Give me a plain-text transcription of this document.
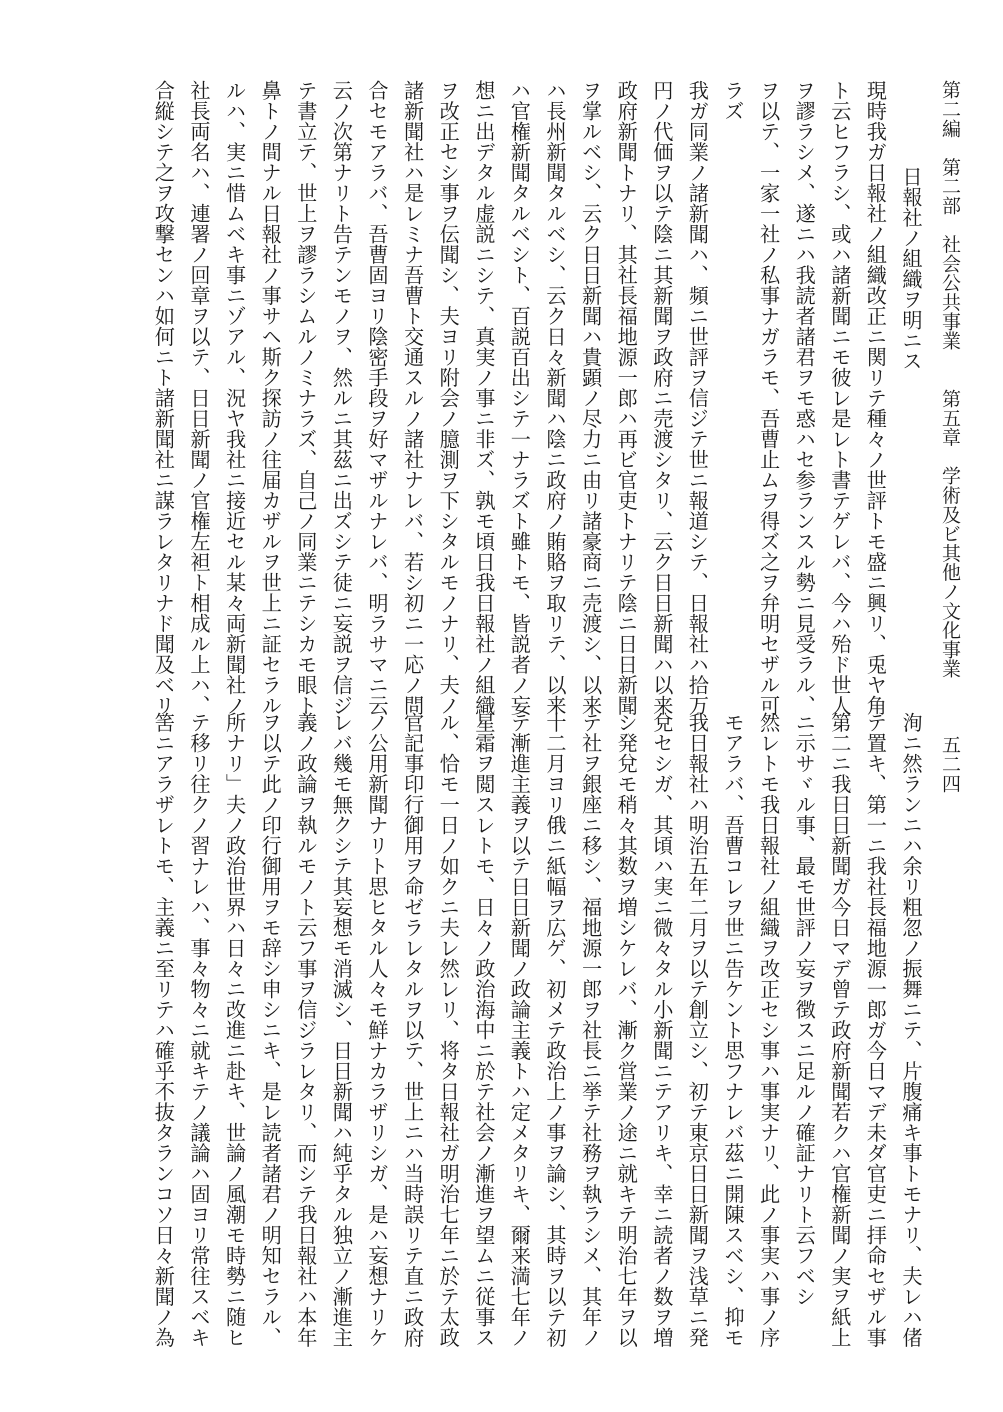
第二編　第二部　社会公共事業　　第五章　学術及ビ其他ノ文化事業
五二四
日報社ノ組織ヲ明ニス
現時我ガ日報社ノ組織改正ニ関リテ種々ノ世評トモ盛ニ興リ、兎ヤ角
ト云ヒフラシ、或ハ諸新聞ニモ彼レ是レト書テゲレバ、今ハ殆ド世人
ヲ謬ラシメ、遂ニハ我読者諸君ヲモ惑ハセ参ランスル勢ニ見受ラル、
ヲ以テ、一家一社ノ私事ナガラモ、吾曹止ムヲ得ズ之ヲ弁明セザル可
ラズ
我ガ同業ノ諸新聞ハ、頻ニ世評ヲ信ジテ世ニ報道シテ、日報社ハ拾万
円ノ代価ヲ以テ陰ニ其新聞ヲ政府ニ売渡シタリ、云ク日日新聞ハ以来
政府新聞トナリ、其社長福地源一郎ハ再ビ官吏トナリテ陰ニ日日新聞
ヲ掌ルベシ、云ク日日新聞ハ貴顕ノ尽力ニ由リ諸豪商ニ売渡シ、以来
ハ長州新聞タルベシ、云ク日々新聞ハ陰ニ政府ノ賄賂ヲ取リテ、以来
ハ官権新聞タルベシト、百説百出シテ一ナラズト雖トモ、皆説者ノ妄
想ニ出デタル虚説ニシテ、真実ノ事ニ非ズ、孰モ頃日我日報社ノ組織
ヲ改正セシ事ヲ伝聞シ、夫ヨリ附会ノ臆測ヲ下シタルモノナリ、夫ノ
諸新聞社ハ是レミナ吾曹ト交通スルノ諸社ナレバ、若シ初ニ一応ノ問
合セモアラバ、吾曹固ヨリ陰密手段ヲ好マザルナレバ、明ラサマニ云
云ノ次第ナリト告テンモノヲ、然ルニ其茲ニ出ズシテ徒ニ妄説ヲ信ジ
テ書立テ、世上ヲ謬ラシムルノミナラズ、自己ノ同業ニテシカモ眼ト
鼻トノ間ナル日報社ノ事サヘ斯ク探訪ノ往届カザルヲ世上ニ証セラル
ルハ、実ニ惜ムベキ事ニゾアル、況ヤ我社ニ接近セル某々両新聞社ノ
社長両名ハ、連署ノ回章ヲ以テ、日日新聞ノ官権左袒ト相成ル上ハ、
合縦シテ之ヲ攻撃センハ如何ニト諸新聞社ニ謀ラレタリナド聞及ベリ
洵ニ然ランニハ余リ粗忽ノ振舞ニテ、片腹痛キ事トモナリ、夫レハ偖
テ置キ、第一ニ我社長福地源一郎ガ今日マデ未ダ官吏ニ拝命セザル事
第二ニ我日日新聞ガ今日マデ曾テ政府新聞若クハ官権新聞ノ実ヲ紙上
ニ示サヾル事、最モ世評ノ妄ヲ徴スニ足ルノ確証ナリト云フベシ
然レトモ我日報社ノ組織ヲ改正セシ事ハ事実ナリ、此ノ事実ハ事ノ序
モアラバ、吾曹コレヲ世ニ告ケント思フナレバ茲ニ開陳スベシ、抑モ
我日報社ハ明治五年二月ヲ以テ創立シ、初テ東京日日新聞ヲ浅草ニ発
兌セシガ、其頃ハ実ニ微々タル小新聞ニテアリキ、幸ニ読者ノ数ヲ増
シ発兌モ稍々其数ヲ増シケレバ、漸ク営業ノ途ニ就キテ明治七年ヲ以
テ社ヲ銀座ニ移シ、福地源一郎ヲ社長ニ挙テ社務ヲ執ラシメ、其年ノ
十二月ヨリ俄ニ紙幅ヲ広ゲ、初メテ政治上ノ事ヲ論シ、其時ヲ以テ初
テ漸進主義ヲ以テ日日新聞ノ政論主義トハ定メタリキ、爾来満七年ノ
星霜ヲ閲スレトモ、日々ノ政治海中ニ於テ社会ノ漸進ヲ望ムニ従事ス
ル、恰モ一日ノ如クニ夫レ然レリ、将タ日報社ガ明治七年ニ於テ太政
官記事印行御用ヲ命ゼラレタルヲ以テ、世上ニハ当時誤リテ直ニ政府
ノ公用新聞ナリト思ヒタル人々モ鮮ナカラザリシガ、是ハ妄想ナリケ
レバ幾モ無クシテ其妄想モ消滅シ、日日新聞ハ純乎タル独立ノ漸進主
義ノ政論ヲ執ルモノト云フ事ヲ信ジラレタリ、而シテ我日報社ハ本年
ヲ以テ此ノ印行御用ヲモ辞シ申シニキ、是レ読者諸君ノ明知セラル、
所ナリ」夫ノ政治世界ハ日々ニ改進ニ赴キ、世論ノ風潮モ時勢ニ随ヒ
テ移リ往クノ習ナレハ、事々物々ニ就キテノ議論ハ固ヨリ常往スベキ
筈ニアラザレトモ、主義ニ至リテハ確乎不抜タランコソ日々新聞ノ為
